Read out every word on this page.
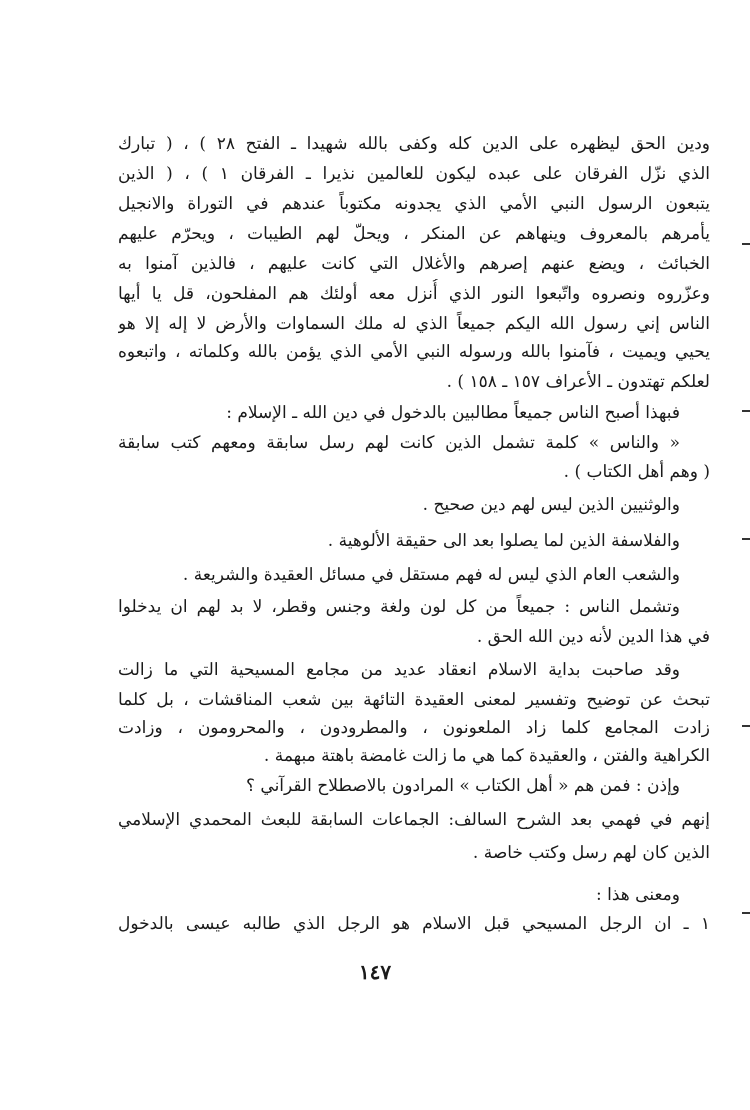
ودين الحق ليظهره على الدين كله وكفى بالله شهيدا ـ الفتح ٢٨ ) ، ( تبارك
الذي نزّل الفرقان على عبده ليكون للعالمين نذيرا ـ الفرقان ١ ) ، ( الذين
يتبعون الرسول النبي الأمي الذي يجدونه مكتوباً عندهم في التوراة والانجيل
يأمرهم بالمعروف وينهاهم عن المنكر ، ويحلّ لهم الطيبات ، ويحرّم عليهم
الخبائث ، ويضع عنهم إصرهم والأغلال التي كانت عليهم ، فالذين آمنوا به
وعزّروه ونصروه واتّبعوا النور الذي أُنزل معه أولئك هم المفلحون، قل يا أيها
الناس إني رسول الله اليكم جميعاً الذي له ملك السماوات والأرض لا إله إلا هو
يحيي ويميت ، فآمنوا بالله ورسوله النبي الأمي الذي يؤمن بالله وكلماته ، واتبعوه
لعلكم تهتدون ـ الأعراف ١٥٧ ـ ١٥٨ ) .
فبهذا أصبح الناس جميعاً مطالبين بالدخول في دين الله ـ الإسلام :
« والناس » كلمة تشمل الذين كانت لهم رسل سابقة ومعهم كتب سابقة
( وهم أهل الكتاب ) .
والوثنيين الذين ليس لهم دين صحيح .
والفلاسفة الذين لما يصلوا بعد الى حقيقة الألوهية .
والشعب العام الذي ليس له فهم مستقل في مسائل العقيدة والشريعة .
وتشمل الناس : جميعاً من كل لون ولغة وجنس وقطر، لا بد لهم ان يدخلوا
في هذا الدين لأنه دين الله الحق .
وقد صاحبت بداية الاسلام انعقاد عديد من مجامع المسيحية التي ما زالت
تبحث عن توضيح وتفسير لمعنى العقيدة التائهة بين شعب المناقشات ، بل كلما
زادت المجامع كلما زاد الملعونون ، والمطرودون ، والمحرومون ، وزادت
الكراهية والفتن ، والعقيدة كما هي ما زالت غامضة باهتة مبهمة .
وإذن : فمن هم « أهل الكتاب » المرادون بالاصطلاح القرآني ؟
إنهم في فهمي بعد الشرح السالف: الجماعات السابقة للبعث المحمدي الإسلامي
الذين كان لهم رسل وكتب خاصة .
ومعنى هذا :
١ ـ ان الرجل المسيحي قبل الاسلام هو الرجل الذي طالبه عيسى بالدخول
١٤٧
